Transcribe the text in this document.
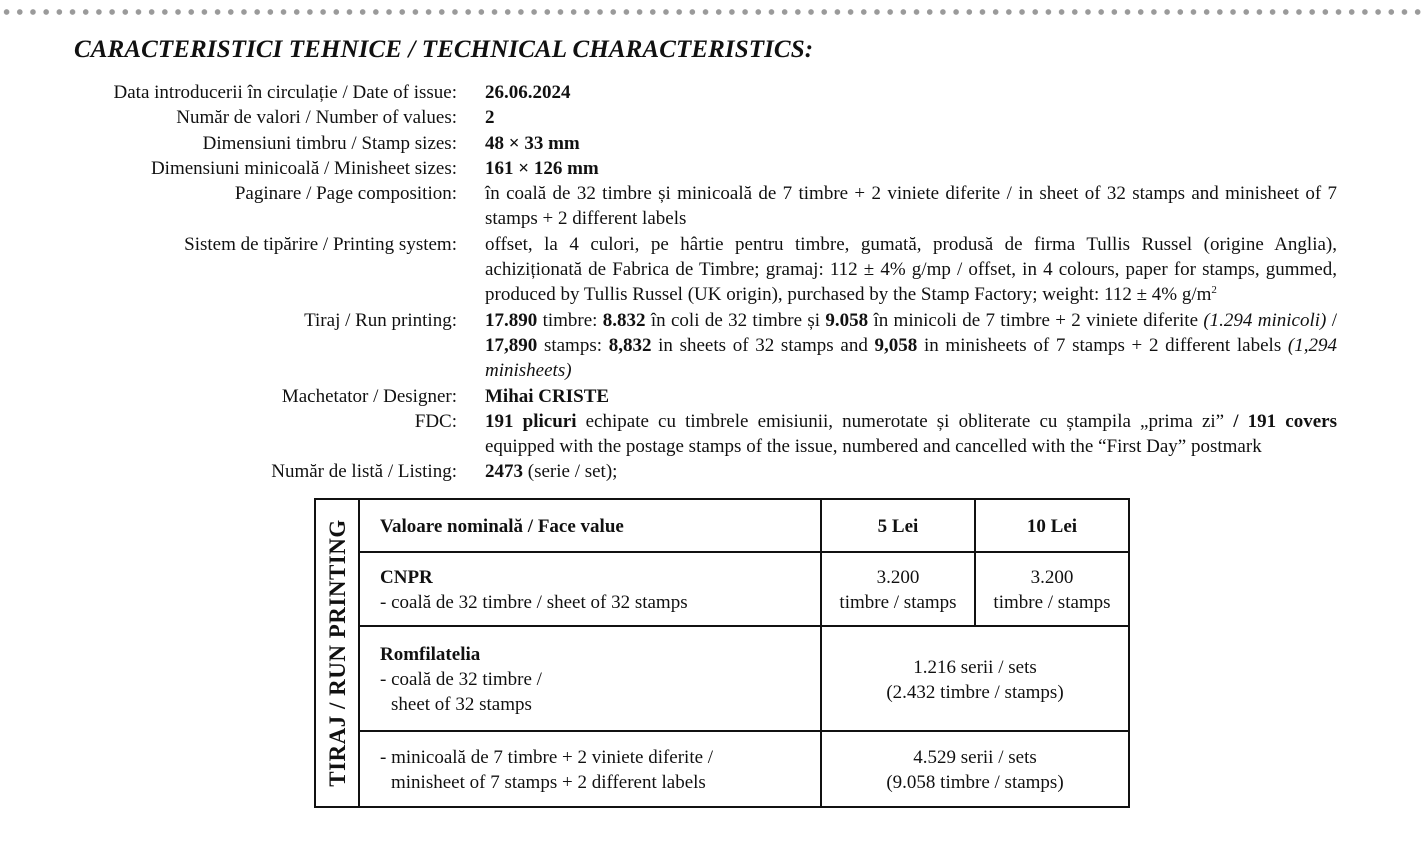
CARACTERISTICI TEHNICE / TECHNICAL CHARACTERISTICS:
Data introducerii în circulație / Date of issue: 26.06.2024
Număr de valori / Number of values: 2
Dimensiuni timbru / Stamp sizes: 48 × 33 mm
Dimensiuni minicoală / Minisheet sizes: 161 × 126 mm
Paginare / Page composition: în coală de 32 timbre și minicoală de 7 timbre + 2 viniete diferite / in sheet of 32 stamps and minisheet of 7 stamps + 2 different labels
Sistem de tipărire / Printing system: offset, la 4 culori, pe hârtie pentru timbre, gumată, produsă de firma Tullis Russel (origine Anglia), achiziționată de Fabrica de Timbre; gramaj: 112 ± 4% g/mp / offset, in 4 colours, paper for stamps, gummed, produced by Tullis Russel (UK origin), purchased by the Stamp Factory; weight: 112 ± 4% $g/m^2$
Tiraj / Run printing: 17.890 timbre: 8.832 în coli de 32 timbre și 9.058 în minicoli de 7 timbre + 2 viniete diferite (1.294 minicoli) / 17,890 stamps: 8,832 in sheets of 32 stamps and 9,058 in minisheets of 7 stamps + 2 different labels (1,294 minisheets)
Machetator / Designer: Mihai CRISTE
FDC: 191 plicuri echipate cu timbrele emisiunii, numerotate și obliterate cu ștampila „prima zi” / 191 covers equipped with the postage stamps of the issue, numbered and cancelled with the “First Day” postmark
Număr de listă / Listing: 2473 (serie / set);
TIRAJ / RUN PRINTING Valoare nominală / Face value	5 Lei	10 Lei
CNPR
- coală de 32 timbre / sheet of 32 stamps
3.200
timbre / stamps
3.200
timbre / stamps
Romfilatelia
- coală de 32 timbre /
sheet of 32 stamps
1.216 serii / sets
(2.432 timbre / stamps)
- minicoală de 7 timbre + 2 viniete diferite /
minisheet of 7 stamps + 2 different labels
4.529 serii / sets
(9.058 timbre / stamps)
